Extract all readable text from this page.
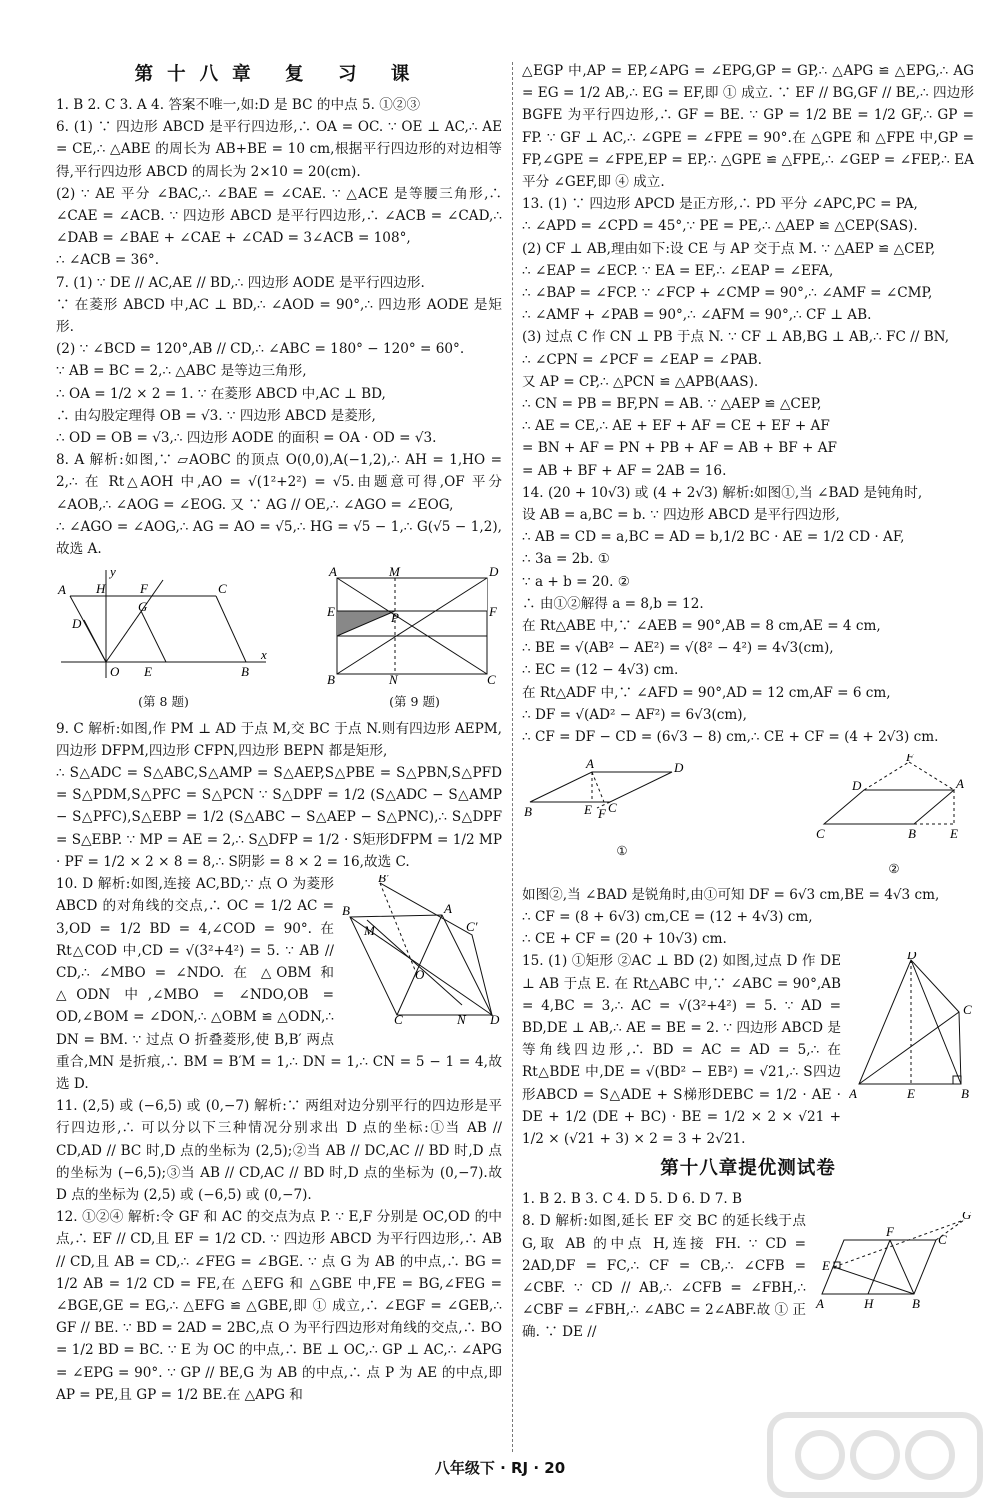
第十八章 复 习 课

1. B 2. C 3. A 4. 答案不唯一,如:D 是 BC 的中点 5. ①②③

6. (1) ∵ 四边形 ABCD 是平行四边形,∴ OA = OC. ∵ OE ⊥ AC,∴ AE = CE,∴ △ABE 的周长为 AB+BE = 10 cm,根据平行四边形的对边相等得,平行四边形 ABCD 的周长为 2×10 = 20(cm).

(2) ∵ AE 平分 ∠BAC,∴ ∠BAE = ∠CAE. ∵ △ACE 是等腰三角形,∴ ∠CAE = ∠ACB. ∵ 四边形 ABCD 是平行四边形,∴ ∠ACB = ∠CAD,∴ ∠DAB = ∠BAE + ∠CAE + ∠CAD = 3∠ACB = 108°,

∴ ∠ACB = 36°.

7. (1) ∵ DE // AC,AE // BD,∴ 四边形 AODE 是平行四边形.

∵ 在菱形 ABCD 中,AC ⊥ BD,∴ ∠AOD = 90°,∴ 四边形 AODE 是矩形.

(2) ∵ ∠BCD = 120°,AB // CD,∴ ∠ABC = 180° − 120° = 60°.

∵ AB = BC = 2,∴ △ABC 是等边三角形,

∴ OA = 1/2 × 2 = 1. ∵ 在菱形 ABCD 中,AC ⊥ BD,

∴ 由勾股定理得 OB = √3. ∵ 四边形 ABCD 是菱形,

∴ OD = OB = √3,∴ 四边形 AODE 的面积 = OA · OD = √3.

8. A 解析:如图,∵ ▱AOBC 的顶点 O(0,0),A(−1,2),∴ AH = 1,HO = 2,∴ 在 Rt△AOH 中,AO = √(1²+2²) = √5.由题意可得,OF 平分 ∠AOB,∴ ∠AOG = ∠EOG. 又 ∵ AG // OE,∴ ∠AGO = ∠EOG,

∴ ∠AGO = ∠AOG,∴ AG = AO = √5,∴ HG = √5 − 1,∴ G(√5 − 1,2),故选 A.

A H	F	C
D
G
O E	B
x
y
(第 8 题)
A	M	D
E	P	F
B	N	C
(第 9 题)

9. C 解析:如图,作 PM ⊥ AD 于点 M,交 BC 于点 N.则有四边形 AEPM,四边形 DFPM,四边形 CFPN,四边形 BEPN 都是矩形,

∴ S△ADC = S△ABC,S△AMP = S△AEP,S△PBE = S△PBN,S△PFD = S△PDM,S△PFC = S△PCN ∵ S△DPF = 1/2 (S△ADC − S△AMP − S△PFC),S△EBP = 1/2 (S△ABC − S△AEP − S△PNC),∴ S△DPF = S△EBP. ∵ MP = AE = 2,∴ S△DFP = 1/2 · S矩形DFPM = 1/2 MP · PF = 1/2 × 2 × 8 = 8,∴ S阴影 = 8 × 2 = 16,故选 C.

B′
B	A
C′
M
O
C	N D

10. D 解析:如图,连接 AC,BD,∵ 点 O 为菱形 ABCD 的对角线的交点,∴ OC = 1/2 AC = 3,OD = 1/2 BD = 4,∠COD = 90°. 在 Rt△COD 中,CD = √(3²+4²) = 5. ∵ AB // CD,∴ ∠MBO = ∠NDO. 在 △OBM 和 △ODN 中,∠MBO = ∠NDO,OB = OD,∠BOM = ∠DON,∴ △OBM ≌ △ODN,∴ DN = BM. ∵ 过点 O 折叠菱形,使 B,B′ 两点重合,MN 是折痕,∴ BM = B′M = 1,∴ DN = 1,∴ CN = 5 − 1 = 4,故选 D.

11. (2,5) 或 (−6,5) 或 (0,−7) 解析:∵ 两组对边分别平行的四边形是平行四边形,∴ 可以分以下三种情况分别求出 D 点的坐标:①当 AB // CD,AD // BC 时,D 点的坐标为 (2,5);②当 AB // DC,AC // BD 时,D 点的坐标为 (−6,5);③当 AB // CD,AC // BD 时,D 点的坐标为 (0,−7).故 D 点的坐标为 (2,5) 或 (−6,5) 或 (0,−7).

12. ①②④ 解析:令 GF 和 AC 的交点为点 P. ∵ E,F 分别是 OC,OD 的中点,∴ EF // CD,且 EF = 1/2 CD. ∵ 四边形 ABCD 为平行四边形,∴ AB // CD,且 AB = CD,∴ ∠FEG = ∠BGE. ∵ 点 G 为 AB 的中点,∴ BG = 1/2 AB = 1/2 CD = FE,在 △EFG 和 △GBE 中,FE = BG,∠FEG = ∠BGE,GE = EG,∴ △EFG ≌ △GBE,即 ① 成立,∴ ∠EGF = ∠GEB,∴ GF // BE. ∵ BD = 2AD = 2BC,点 O 为平行四边形对角线的交点,∴ BO = 1/2 BD = BC. ∵ E 为 OC 的中点,∴ BE ⊥ OC,∴ GP ⊥ AC,∴ ∠APG = ∠EPG = 90°. ∵ GP // BE,G 为 AB 的中点,∴ 点 P 为 AE 的中点,即 AP = PE,且 GP = 1/2 BE.在 △APG 和

△EGP 中,AP = EP,∠APG = ∠EPG,GP = GP,∴ △APG ≌ △EPG,∴ AG = EG = 1/2 AB,∴ EG = EF,即 ① 成立. ∵ EF // BG,GF // BE,∴ 四边形 BGFE 为平行四边形,∴ GF = BE. ∵ GP = 1/2 BE = 1/2 GF,∴ GP = FP. ∵ GF ⊥ AC,∴ ∠GPE = ∠FPE = 90°.在 △GPE 和 △FPE 中,GP = FP,∠GPE = ∠FPE,EP = EP,∴ △GPE ≌ △FPE,∴ ∠GEP = ∠FEP,∴ EA 平分 ∠GEF,即 ④ 成立.

13. (1) ∵ 四边形 APCD 是正方形,∴ PD 平分 ∠APC,PC = PA,

∴ ∠APD = ∠CPD = 45°,∵ PE = PE,∴ △AEP ≌ △CEP(SAS).

(2) CF ⊥ AB,理由如下:设 CE 与 AP 交于点 M. ∵ △AEP ≌ △CEP,

∴ ∠EAP = ∠ECP. ∵ EA = EF,∴ ∠EAP = ∠EFA,

∴ ∠BAP = ∠FCP. ∵ ∠FCP + ∠CMP = 90°,∴ ∠AMF = ∠CMP,

∴ ∠AMF + ∠PAB = 90°,∴ ∠AFM = 90°,∴ CF ⊥ AB.

(3) 过点 C 作 CN ⊥ PB 于点 N. ∵ CF ⊥ AB,BG ⊥ AB,∴ FC // BN,

∴ ∠CPN = ∠PCF = ∠EAP = ∠PAB.

又 AP = CP,∴ △PCN ≌ △APB(AAS).

∴ CN = PB = BF,PN = AB. ∵ △AEP ≌ △CEP,

∴ AE = CE,∴ AE + EF + AF = CE + EF + AF

= BN + AF = PN + PB + AF = AB + BF + AF

= AB + BF + AF = 2AB = 16.

14. (20 + 10√3) 或 (4 + 2√3) 解析:如图①,当 ∠BAD 是钝角时,

设 AB = a,BC = b. ∵ 四边形 ABCD 是平行四边形,

∴ AB = CD = a,BC = AD = b,1/2 BC · AE = 1/2 CD · AF,

∴ 3a = 2b. ①

∵ a + b = 20. ②

∴ 由①②解得 a = 8,b = 12.

在 Rt△ABE 中,∵ ∠AEB = 90°,AB = 8 cm,AE = 4 cm,

∴ BE = √(AB² − AE²) = √(8² − 4²) = 4√3(cm),

∴ EC = (12 − 4√3) cm.

在 Rt△ADF 中,∵ ∠AFD = 90°,AD = 12 cm,AF = 6 cm,

∴ DF = √(AD² − AF²) = 6√3(cm),

∴ CF = DF − CD = (6√3 − 8) cm,∴ CE + CF = (4 + 2√3) cm.

A	D
B	E C
F
①
F
D	A
C	B	E
②

如图②,当 ∠BAD 是锐角时,由①可知 DF = 6√3 cm,BE = 4√3 cm,

∴ CF = (8 + 6√3) cm,CE = (12 + 4√3) cm,

∴ CE + CF = (20 + 10√3) cm.

D
C
A	E	B

15. (1) ①矩形 ②AC ⊥ BD (2) 如图,过点 D 作 DE ⊥ AB 于点 E. 在 Rt△ABC 中,∵ ∠ABC = 90°,AB = 4,BC = 3,∴ AC = √(3²+4²) = 5. ∵ AD = BD,DE ⊥ AB,∴ AE = BE = 2. ∵ 四边形 ABCD 是等角线四边形,∴ BD = AC = AD = 5,∴ 在 Rt△BDE 中,DE = √(BD² − EB²) = √21,∴ S四边形ABCD = S△ADE + S梯形DEBC = 1/2 · AE · DE + 1/2 (DE + BC) · BE = 1/2 × 2 × √21 + 1/2 × (√21 + 3) × 2 = 3 + 2√21.

第十八章提优测试卷

1. B 2. B 3. C 4. D 5. D 6. D 7. B

G
F
C
E
A	H	B

8. D 解析:如图,延长 EF 交 BC 的延长线于点 G,取 AB 的中点 H,连接 FH. ∵ CD = 2AD,DF = FC,∴ CF = CB,∴ ∠CFB = ∠CBF. ∵ CD // AB,∴ ∠CFB = ∠FBH,∴ ∠CBF = ∠FBH,∴ ∠ABC = 2∠ABF.故 ① 正确. ∵ DE //

八年级下 · RJ · 20
